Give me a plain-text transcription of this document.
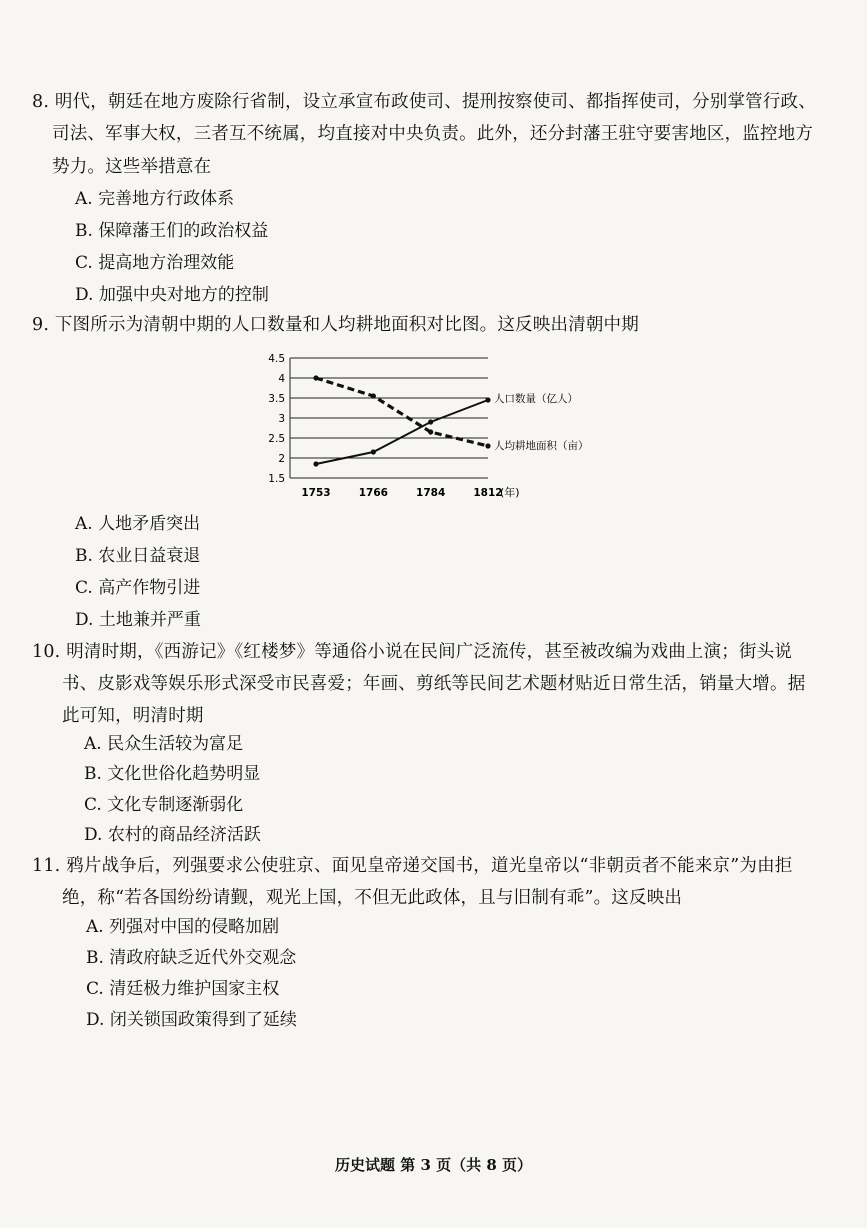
8. 明代，朝廷在地方废除行省制，设立承宣布政使司、提刑按察使司、都指挥使司，分别掌管行政、
司法、军事大权，三者互不统属，均直接对中央负责。此外，还分封藩王驻守要害地区，监控地方
势力。这些举措意在
A. 完善地方行政体系
B. 保障藩王们的政治权益
C. 提高地方治理效能
D. 加强中央对地方的控制
9. 下图所示为清朝中期的人口数量和人均耕地面积对比图。这反映出清朝中期
1.5
2
2.5
3
3.5
4
4.5
1753	1766	1784	1812
(年)
人口数量（亿人）
人均耕地面积（亩）
A. 人地矛盾突出
B. 农业日益衰退
C. 高产作物引进
D. 土地兼并严重
10. 明清时期，《西游记》《红楼梦》等通俗小说在民间广泛流传，甚至被改编为戏曲上演；街头说
书、皮影戏等娱乐形式深受市民喜爱；年画、剪纸等民间艺术题材贴近日常生活，销量大增。据
此可知，明清时期
A. 民众生活较为富足
B. 文化世俗化趋势明显
C. 文化专制逐渐弱化
D. 农村的商品经济活跃
11. 鸦片战争后，列强要求公使驻京、面见皇帝递交国书，道光皇帝以“非朝贡者不能来京”为由拒
绝，称“若各国纷纷请觐，观光上国，不但无此政体，且与旧制有乖”。这反映出
A. 列强对中国的侵略加剧
B. 清政府缺乏近代外交观念
C. 清廷极力维护国家主权
D. 闭关锁国政策得到了延续
历史试题 第 3 页（共 8 页）
